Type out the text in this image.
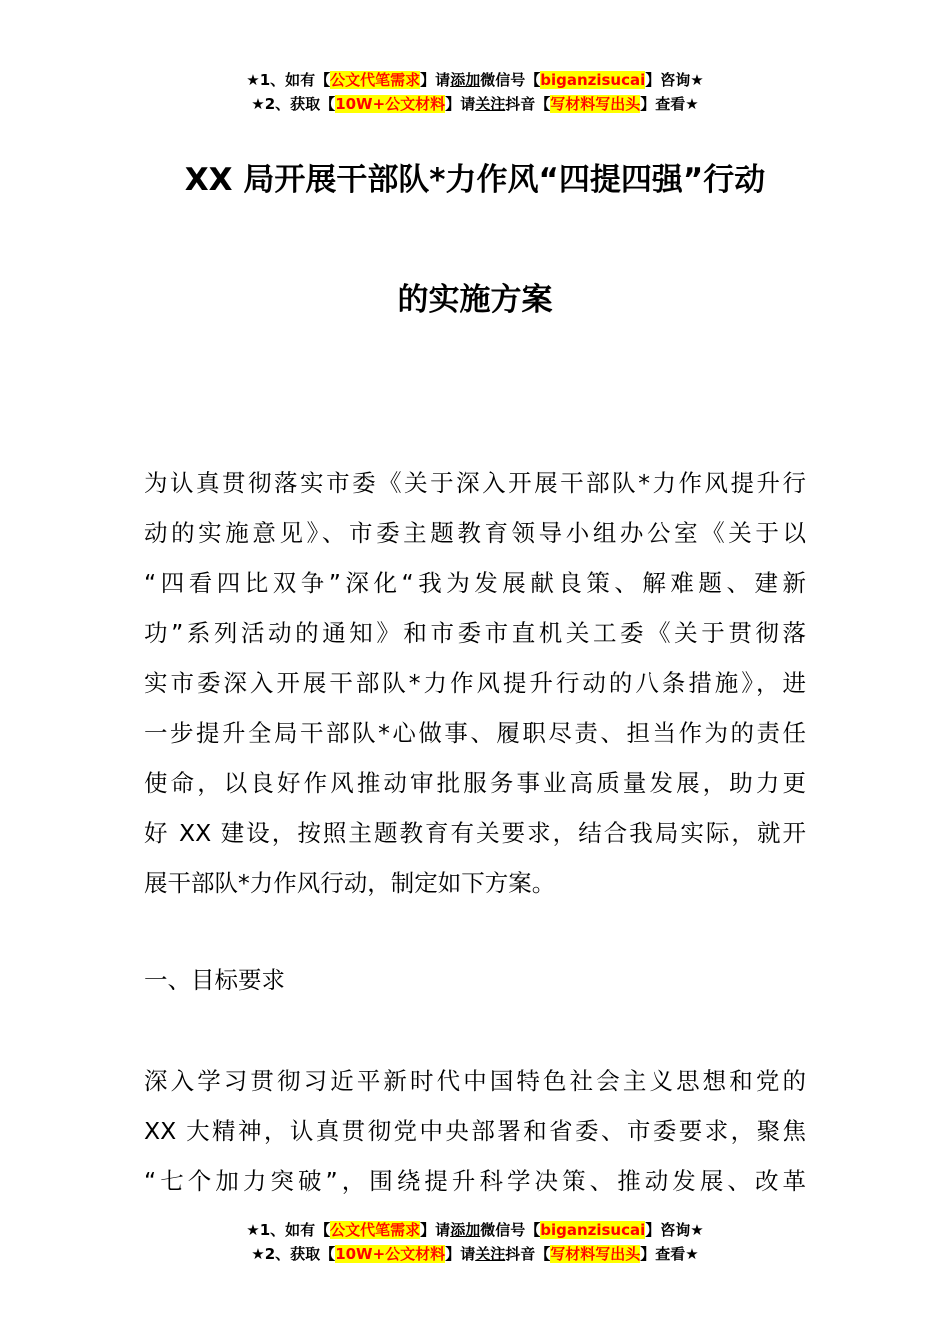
★1、如有【公文代笔需求】请添加微信号【biganzisucai】咨询★
★2、获取【10W+公文材料】请关注抖音【写材料写出头】查看★
XX 局开展干部队*力作风“四提四强”行动
的实施方案
为认真贯彻落实市委《关于深入开展干部队*力作风提升行
动的实施意见》、市委主题教育领导小组办公室《关于以
“四看四比双争”深化“我为发展献良策、解难题、建新
功”系列活动的通知》和市委市直机关工委《关于贯彻落
实市委深入开展干部队*力作风提升行动的八条措施》，进
一步提升全局干部队*心做事、履职尽责、担当作为的责任
使命，以良好作风推动审批服务事业高质量发展，助力更
好 XX 建设，按照主题教育有关要求，结合我局实际，就开
展干部队*力作风行动，制定如下方案。
一、目标要求
深入学习贯彻习近平新时代中国特色社会主义思想和党的
XX 大精神，认真贯彻党中央部署和省委、市委要求，聚焦
“七个加力突破”，围绕提升科学决策、推动发展、改革
★1、如有【公文代笔需求】请添加微信号【biganzisucai】咨询★
★2、获取【10W+公文材料】请关注抖音【写材料写出头】查看★
